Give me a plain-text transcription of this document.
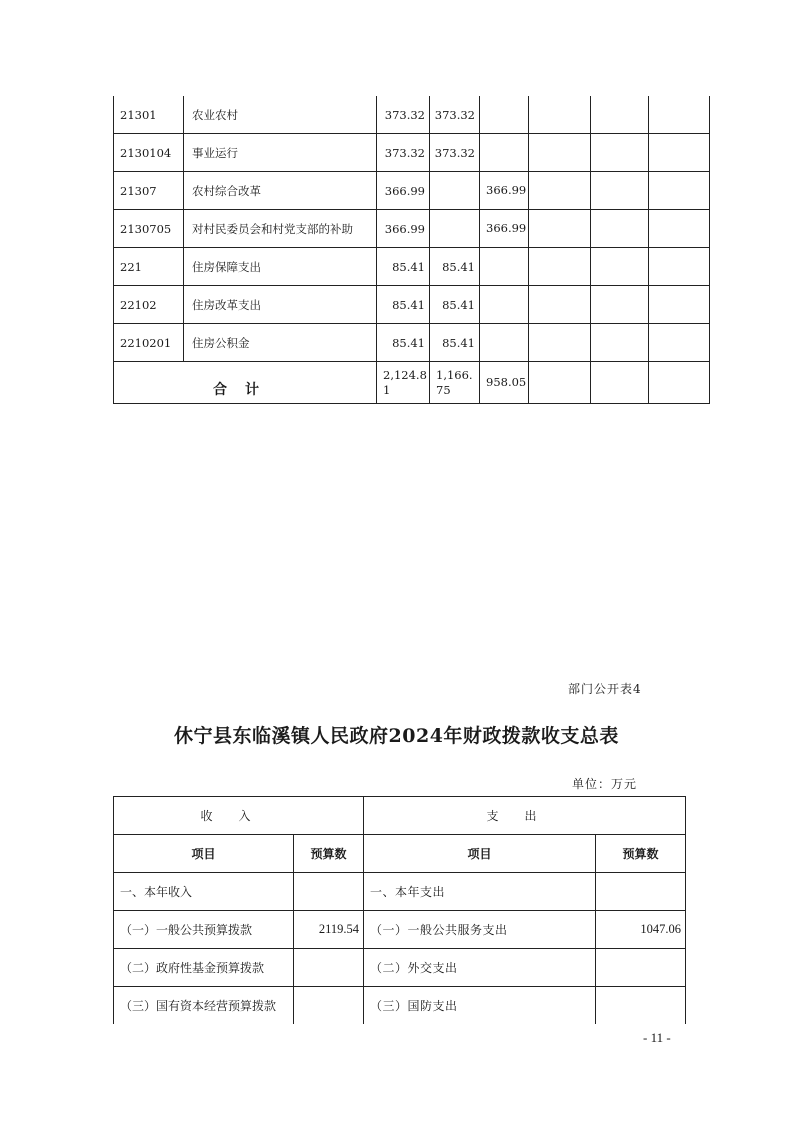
21301	农业农村	373.32	373.32				
2130104	事业运行	373.32	373.32				
21307	农村综合改革	366.99		366.99			
2130705	对村民委员会和村党支部的补助	366.99		366.99			
221	住房保障支出	85.41	85.41				
22102	住房改革支出	85.41	85.41				
2210201	住房公积金	85.41	85.41				
合计		2,124.81	1,166.75	958.05			
部门公开表4
休宁县东临溪镇人民政府2024年财政拨款收支总表
单位：万元
收入		支出	
项目	预算数	项目	预算数
一、本年收入		一、本年支出	
（一）一般公共预算拨款	2119.54	（一）一般公共服务支出	1047.06
（二）政府性基金预算拨款		（二）外交支出	
（三）国有资本经营预算拨款		（三）国防支出	
- 11 -
